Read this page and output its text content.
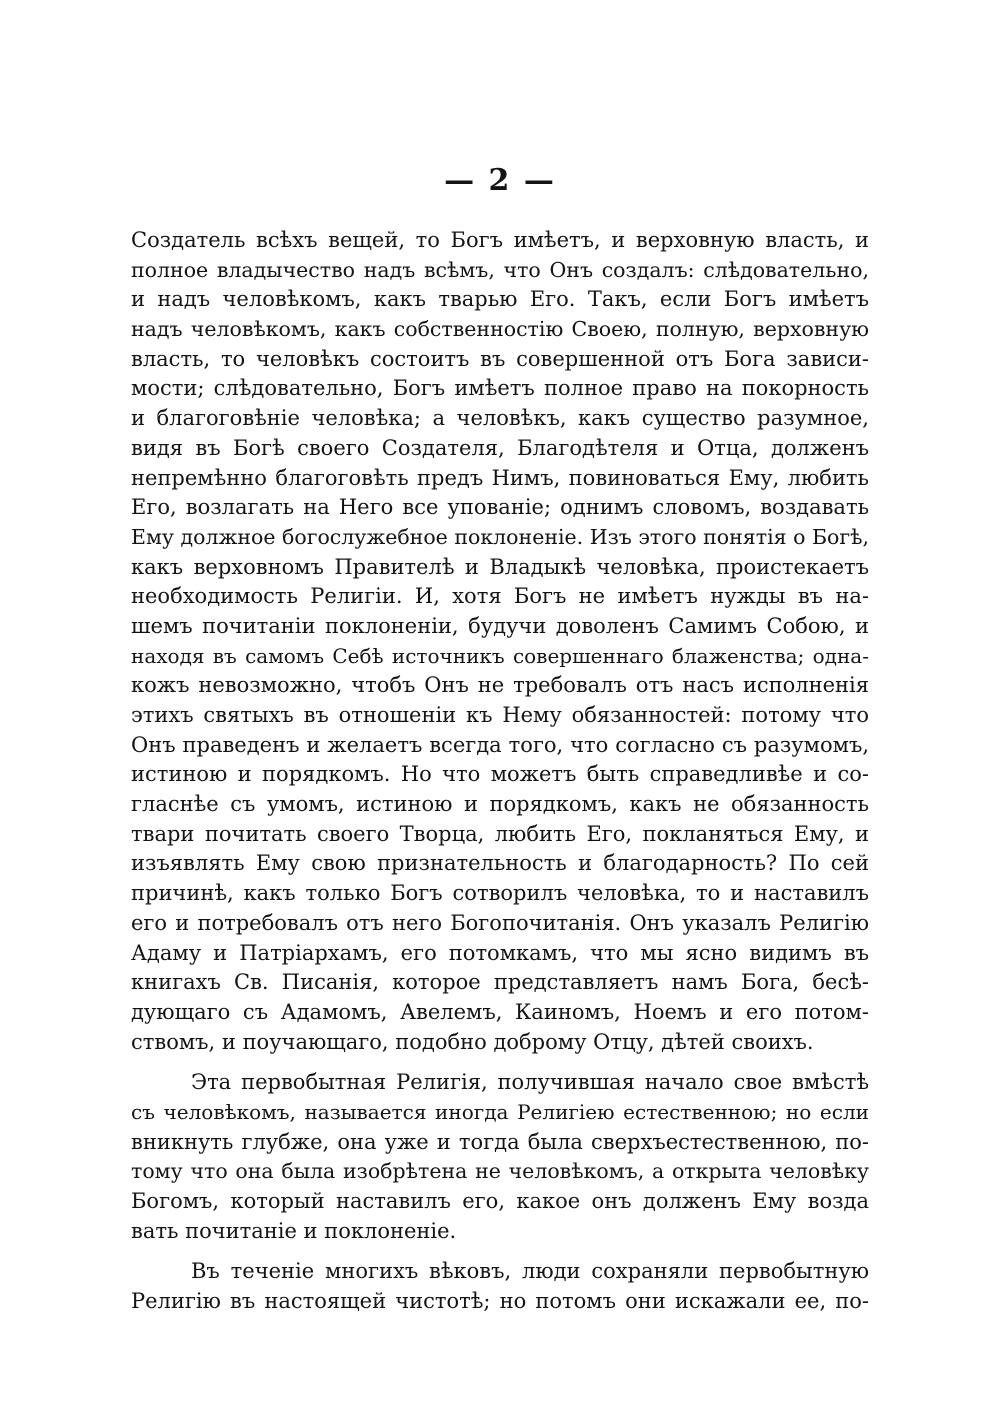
— 2 —
Создатель всѣхъ вещей, то Богъ имѣетъ, и верховную власть, и
полное владычество надъ всѣмъ, что Онъ создалъ: слѣдовательно,
и надъ человѣкомъ, какъ тварью Его. Такъ, если Богъ имѣетъ
надъ человѣкомъ, какъ собственностію Своею, полную, верховную
власть, то человѣкъ состоитъ въ совершенной отъ Бога зависи-
мости; слѣдовательно, Богъ имѣетъ полное право на покорность
и благоговѣніе человѣка; а человѣкъ, какъ существо разумное,
видя въ Богѣ своего Создателя, Благодѣтеля и Отца, долженъ
непремѣнно благоговѣть предъ Нимъ, повиноваться Ему, любить
Его, возлагать на Него все упованіе; однимъ словомъ, воздавать
Ему должное богослужебное поклоненіе. Изъ этого понятія о Богѣ,
какъ верховномъ Правителѣ и Владыкѣ человѣка, проистекаетъ
необходимость Религіи. И, хотя Богъ не имѣетъ нужды въ на-
шемъ почитаніи поклоненіи, будучи доволенъ Самимъ Собою, и
находя въ самомъ Себѣ источникъ совершеннаго блаженства; одна-
кожъ невозможно, чтобъ Онъ не требовалъ отъ насъ исполненія
этихъ святыхъ въ отношеніи къ Нему обязанностей: потому что
Онъ праведенъ и желаетъ всегда того, что согласно съ разумомъ,
истиною и порядкомъ. Но что можетъ быть справедливѣе и со-
гласнѣе съ умомъ, истиною и порядкомъ, какъ не обязанность
твари почитать своего Творца, любить Его, покланяться Ему, и
изъявлять Ему свою признательность и благодарность? По сей
причинѣ, какъ только Богъ сотворилъ человѣка, то и наставилъ
его и потребовалъ отъ него Богопочитанія. Онъ указалъ Религію
Адаму и Патріархамъ, его потомкамъ, что мы ясно видимъ въ
книгахъ Св. Писанія, которое представляетъ намъ Бога, бесѣ-
дующаго съ Адамомъ, Авелемъ, Каиномъ, Ноемъ и его потом-
ствомъ, и поучающаго, подобно доброму Отцу, дѣтей своихъ.
Эта первобытная Религія, получившая начало свое вмѣстѣ
съ человѣкомъ, называется иногда Религіею естественною; но если
вникнуть глубже, она уже и тогда была сверхъестественною, по-
тому что она была изобрѣтена не человѣкомъ, а открыта человѣку
Богомъ, который наставилъ его, какое онъ долженъ Ему возда
вать почитаніе и поклоненіе.
Въ теченіе многихъ вѣковъ, люди сохраняли первобытную
Религію въ настоящей чистотѣ; но потомъ они искажали ее, по-
